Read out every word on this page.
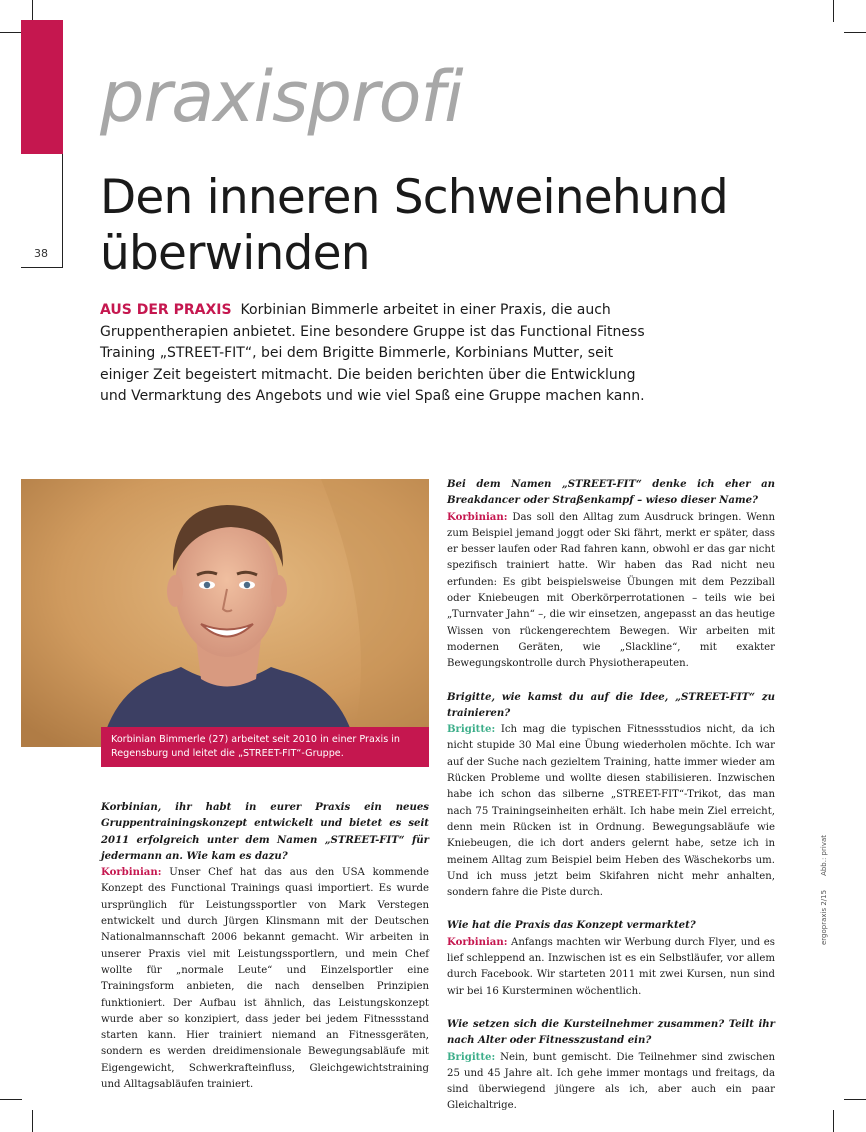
38
praxisprofi
Den inneren Schweinehund
überwinden

AUS DER PRAXIS Korbinian Bimmerle arbeitet in einer Praxis, die auch Gruppentherapien anbietet. Eine besondere Gruppe ist das Functional Fitness Training „STREET-FIT“, bei dem Brigitte Bimmerle, Korbinians Mutter, seit einiger Zeit begeistert mitmacht. Die beiden berichten über die Entwicklung und Vermarktung des Angebots und wie viel Spaß eine Gruppe machen kann.

Korbinian Bimmerle (27) arbeitet seit 2010 in einer Praxis in Regensburg und leitet die „STREET-FIT“-Gruppe.

Korbinian, ihr habt in eurer Praxis ein neues Gruppentrainingskonzept entwickelt und bietet es seit 2011 erfolgreich unter dem Namen „STREET-FIT“ für jedermann an. Wie kam es dazu?

Korbinian: Unser Chef hat das aus den USA kommende Konzept des Functional Trainings quasi importiert. Es wurde ursprünglich für Leistungssportler von Mark Verstegen entwickelt und durch Jürgen Klinsmann mit der Deutschen Nationalmannschaft 2006 bekannt gemacht. Wir arbeiten in unserer Praxis viel mit Leistungssportlern, und mein Chef wollte für „normale Leute“ und Einzelsportler eine Trainingsform anbieten, die nach denselben Prinzipien funktioniert. Der Aufbau ist ähnlich, das Leistungskonzept wurde aber so konzipiert, dass jeder bei jedem Fitnessstand starten kann. Hier trainiert niemand an Fitnessgeräten, sondern es werden dreidimensionale Bewegungsabläufe mit Eigengewicht, Schwerkrafteinfluss, Gleichgewichtstraining und Alltagsabläufen trainiert.

Bei dem Namen „STREET-FIT“ denke ich eher an Breakdancer oder Straßenkampf – wieso dieser Name?

Korbinian: Das soll den Alltag zum Ausdruck bringen. Wenn zum Beispiel jemand joggt oder Ski fährt, merkt er später, dass er besser laufen oder Rad fahren kann, obwohl er das gar nicht spezifisch trainiert hatte. Wir haben das Rad nicht neu erfunden: Es gibt beispielsweise Übungen mit dem Pezziball oder Kniebeugen mit Oberkörperrotationen – teils wie bei „Turnvater Jahn“ –, die wir einsetzen, angepasst an das heutige Wissen von rückengerechtem Bewegen. Wir arbeiten mit modernen Geräten, wie „Slackline“, mit exakter Bewegungskontrolle durch Physiotherapeuten.

Brigitte, wie kamst du auf die Idee, „STREET-FIT“ zu trainieren?

Brigitte: Ich mag die typischen Fitnessstudios nicht, da ich nicht stupide 30 Mal eine Übung wiederholen möchte. Ich war auf der Suche nach gezieltem Training, hatte immer wieder am Rücken Probleme und wollte diesen stabilisieren. Inzwischen habe ich schon das silberne „STREET-FIT“-Trikot, das man nach 75 Trainingseinheiten erhält. Ich habe mein Ziel erreicht, denn mein Rücken ist in Ordnung. Bewegungsabläufe wie Kniebeugen, die ich dort anders gelernt habe, setze ich in meinem Alltag zum Beispiel beim Heben des Wäschekorbs um. Und ich muss jetzt beim Skifahren nicht mehr anhalten, sondern fahre die Piste durch.

Wie hat die Praxis das Konzept vermarktet?

Korbinian: Anfangs machten wir Werbung durch Flyer, und es lief schleppend an. Inzwischen ist es ein Selbstläufer, vor allem durch Facebook. Wir starteten 2011 mit zwei Kursen, nun sind wir bei 16 Kursterminen wöchentlich.

Wie setzen sich die Kursteilnehmer zusammen? Teilt ihr nach Alter oder Fitnesszustand ein?

Brigitte: Nein, bunt gemischt. Die Teilnehmer sind zwischen 25 und 45 Jahre alt. Ich gehe immer montags und freitags, da sind überwiegend jüngere als ich, aber auch ein paar Gleichaltrige.

ergopraxis 2/15Abb.: privat
